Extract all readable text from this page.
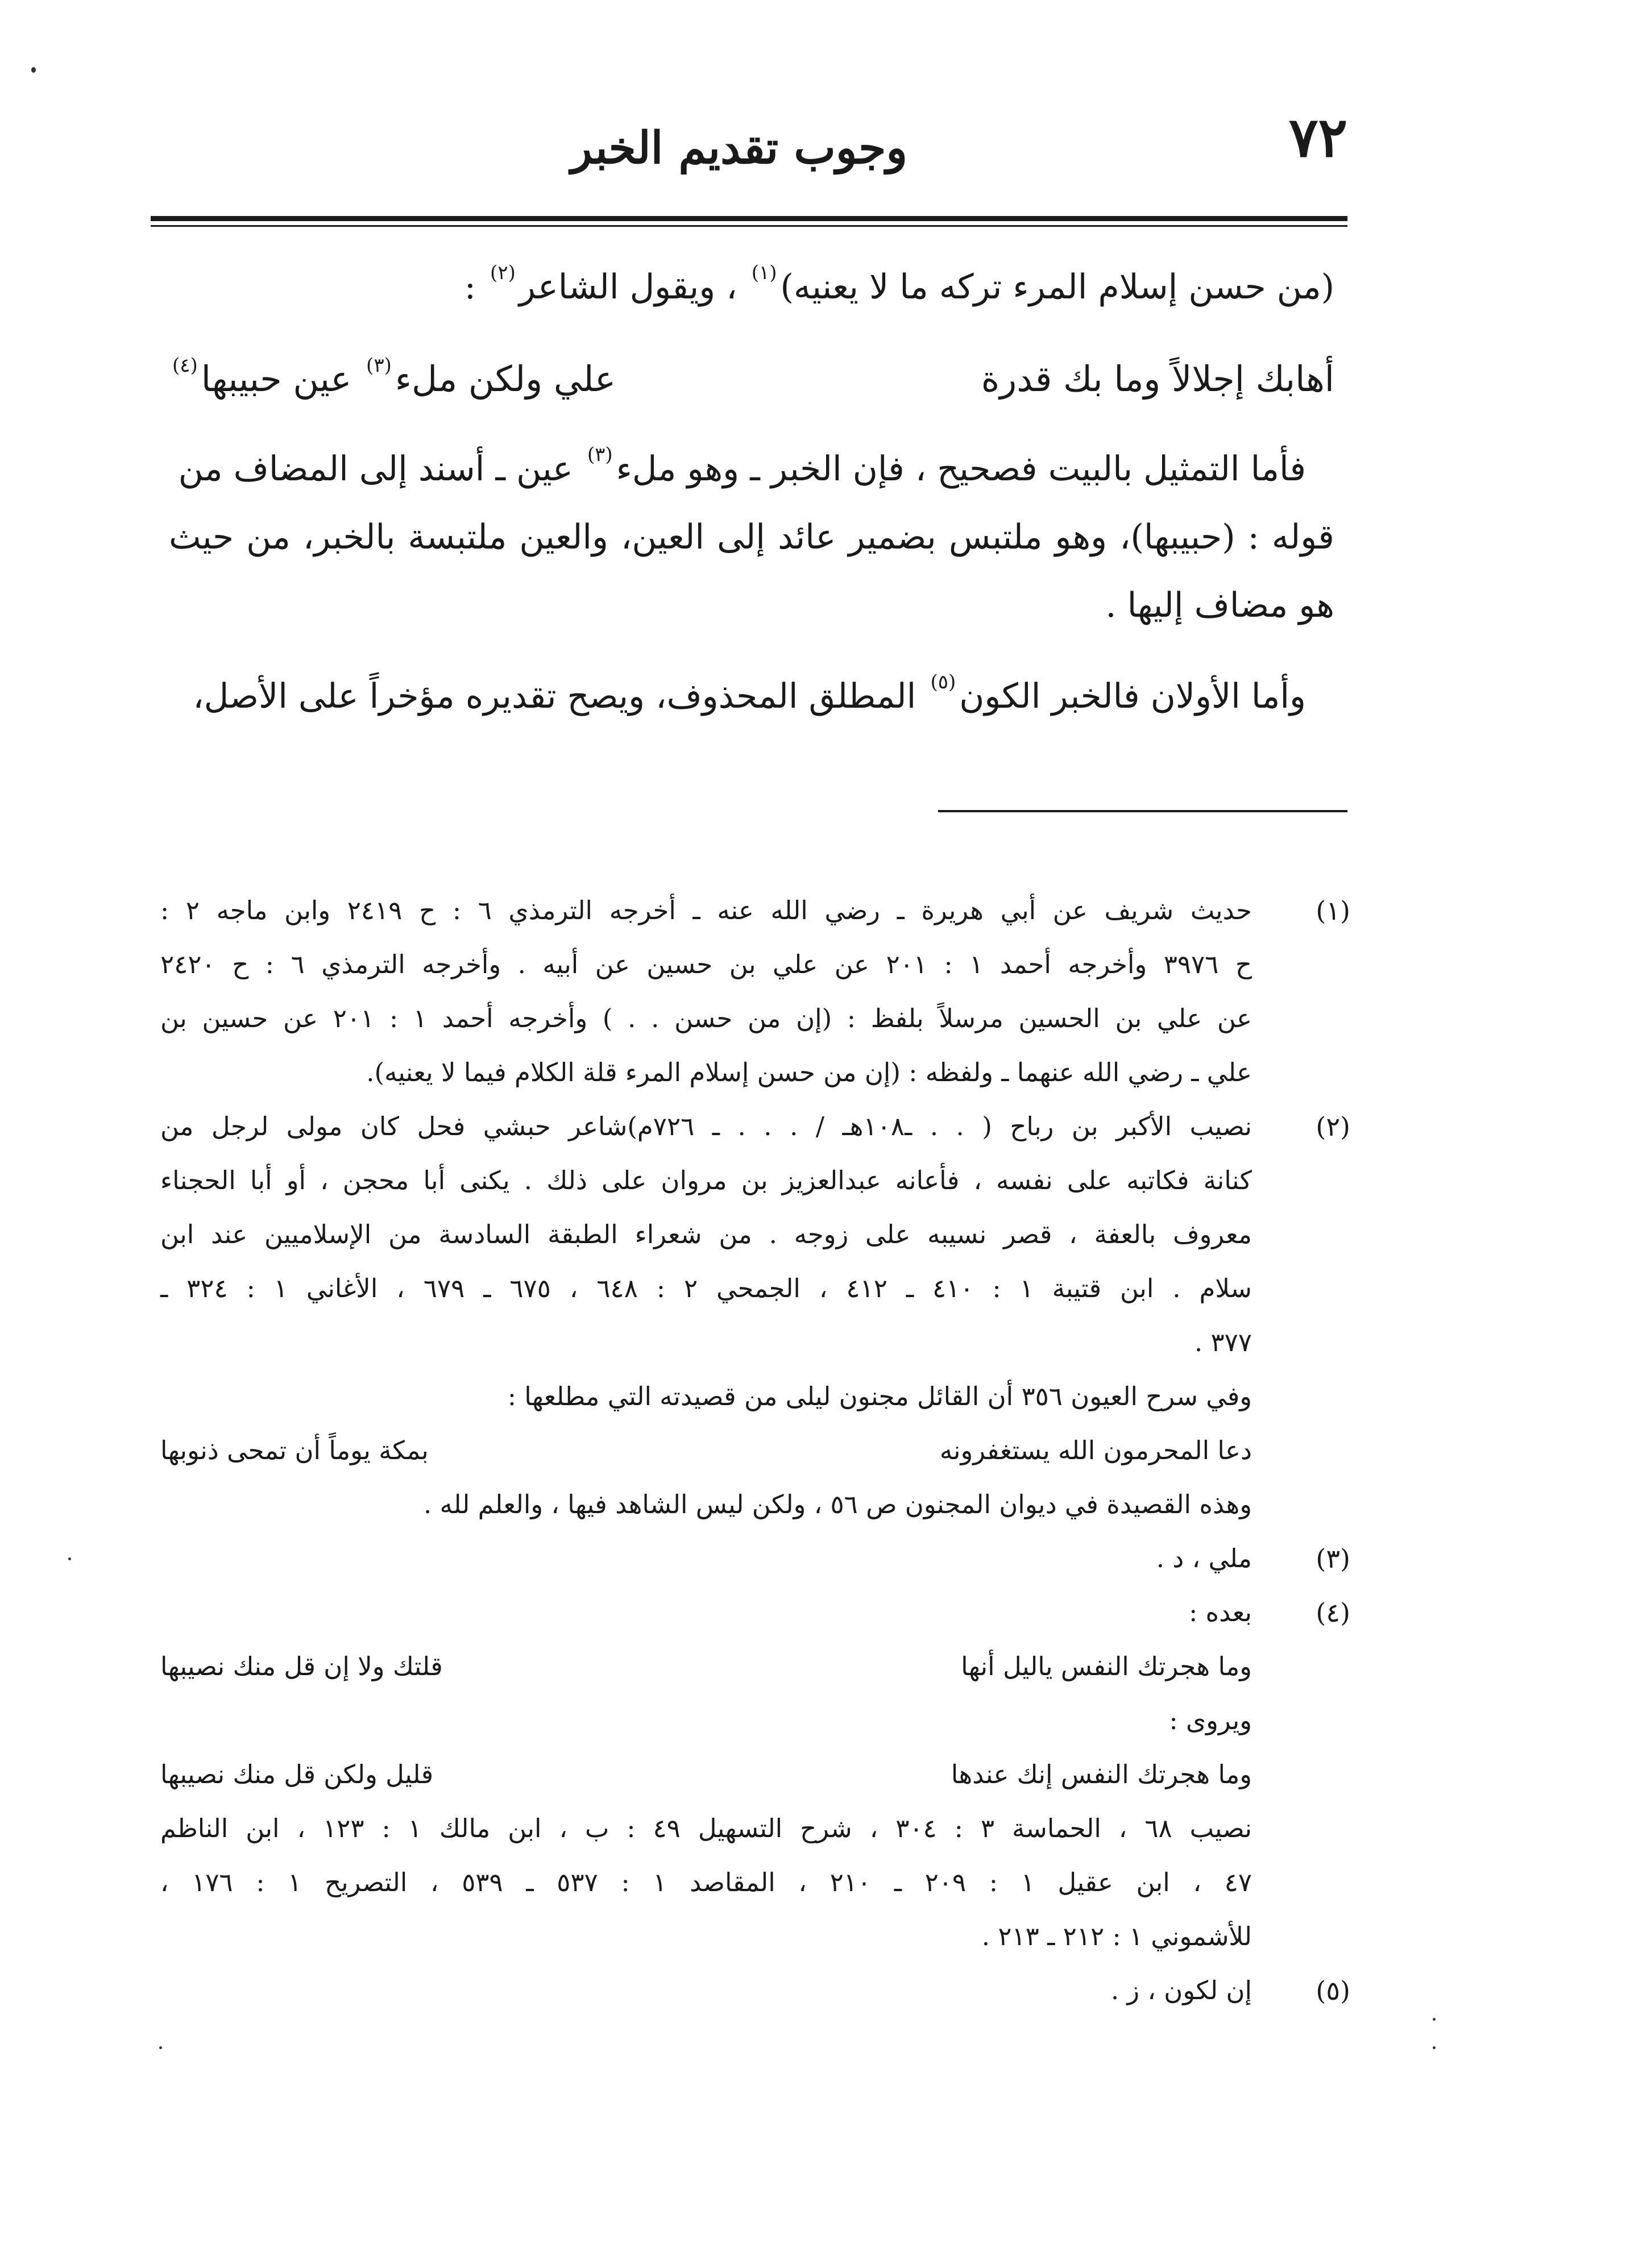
٧٢
وجوب تقديم الخبر
(من حسن إسلام المرء تركه ما لا يعنيه)$^{(١)}$ ، ويقول الشاعر$^{(٢)}$ :
أهابك إجلالاً وما بك قدرة
علي ولكن ملء$^{(٣)}$ عين حبيبها$^{(٤)}$
فأما التمثيل بالبيت فصحيح ، فإن الخبر ـ وهو ملء$^{(٣)}$ عين ـ أسند إلى المضاف من
قوله : (حبيبها)، وهو ملتبس بضمير عائد إلى العين، والعين ملتبسة بالخبر، من حيث
هو مضاف إليها .
وأما الأولان فالخبر الكون$^{(٥)}$ المطلق المحذوف، ويصح تقديره مؤخراً على الأصل،
(١)
حديث شريف عن أبي هريرة ـ رضي الله عنه ـ أخرجه الترمذي ٦ : ح ٢٤١٩ وابن ماجه ٢ :
ح ٣٩٧٦ وأخرجه أحمد ١ : ٢٠١ عن علي بن حسين عن أبيه . وأخرجه الترمذي ٦ : ح ٢٤٢٠
عن علي بن الحسين مرسلاً بلفظ : (إن من حسن . . ) وأخرجه أحمد ١ : ٢٠١ عن حسين بن
علي ـ رضي الله عنهما ـ ولفظه : (إن من حسن إسلام المرء قلة الكلام فيما لا يعنيه).
(٢)
نصيب الأكبر بن رباح ( . . ـ١٠٨هـ / . . . ـ ٧٢٦م)شاعر حبشي فحل كان مولى لرجل من
كنانة فكاتبه على نفسه ، فأعانه عبدالعزيز بن مروان على ذلك . يكنى أبا محجن ، أو أبا الحجناء
معروف بالعفة ، قصر نسيبه على زوجه . من شعراء الطبقة السادسة من الإسلاميين عند ابن
سلام . ابن قتيبة ١ : ٤١٠ ـ ٤١٢ ، الجمحي ٢ : ٦٤٨ ، ٦٧٥ ـ ٦٧٩ ، الأغاني ١ : ٣٢٤ ـ
٣٧٧ .
وفي سرح العيون ٣٥٦ أن القائل مجنون ليلى من قصيدته التي مطلعها :
دعا المحرمون الله يستغفرونه
بمكة يوماً أن تمحى ذنوبها
وهذه القصيدة في ديوان المجنون ص ٥٦ ، ولكن ليس الشاهد فيها ، والعلم لله .
(٣)
ملي ، د .
(٤)
بعده :
وما هجرتك النفس ياليل أنها
قلتك ولا إن قل منك نصيبها
ويروى :
وما هجرتك النفس إنك عندها
قليل ولكن قل منك نصيبها
نصيب ٦٨ ، الحماسة ٣ : ٣٠٤ ، شرح التسهيل ٤٩ : ب ، ابن مالك ١ : ١٢٣ ، ابن الناظم
٤٧ ، ابن عقيل ١ : ٢٠٩ ـ ٢١٠ ، المقاصد ١ : ٥٣٧ ـ ٥٣٩ ، التصريح ١ : ١٧٦ ،
للأشموني ١ : ٢١٢ ـ ٢١٣ .
(٥)
إن لكون ، ز .
